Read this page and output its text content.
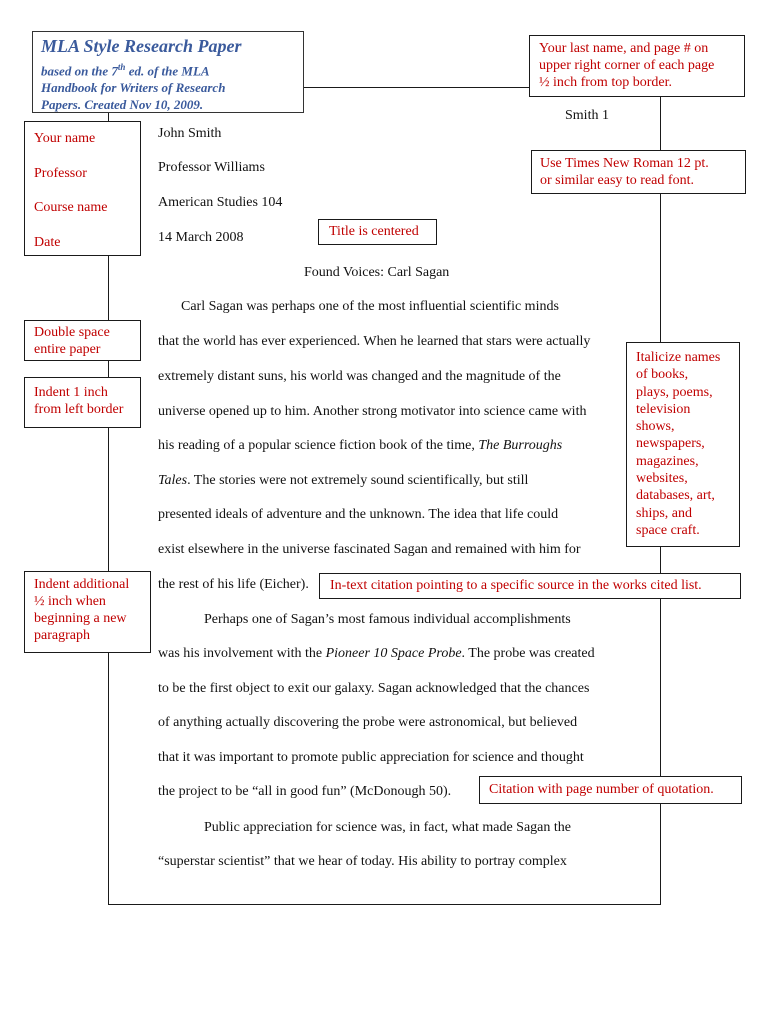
MLA Style Research Paper
based on the 7th ed. of the MLA
Handbook for Writers of Research
Papers. Created Nov 10, 2009.
Your last name, and page # on
upper right corner of each page
½ inch from top border.
Smith 1
Use Times New Roman 12 pt.
or similar easy to read font.
Your name
Professor
Course name
Date
John Smith
Professor Williams
American Studies 104
14 March 2008	Title is centered
Found Voices: Carl Sagan
Carl Sagan was perhaps one of the most influential scientific minds
that the world has ever experienced. When he learned that stars were actually
extremely distant suns, his world was changed and the magnitude of the
universe opened up to him. Another strong motivator into science came with
his reading of a popular science fiction book of the time, The Burroughs
Tales. The stories were not extremely sound scientifically, but still
presented ideals of adventure and the unknown. The idea that life could
exist elsewhere in the universe fascinated Sagan and remained with him for
the rest of his life (Eicher).
Double space
entire paper
Indent 1 inch
from left border
Italicize names
of books,
plays, poems,
television
shows,
newspapers,
magazines,
websites,
databases, art,
ships, and
space craft.
In-text citation pointing to a specific source in the works cited list.
Indent additional
½ inch when
beginning a new
paragraph
Perhaps one of Sagan’s most famous individual accomplishments
was his involvement with the Pioneer 10 Space Probe. The probe was created
to be the first object to exit our galaxy. Sagan acknowledged that the chances
of anything actually discovering the probe were astronomical, but believed
that it was important to promote public appreciation for science and thought
the project to be “all in good fun” (McDonough 50).	Citation with page number of quotation.
Public appreciation for science was, in fact, what made Sagan the
“superstar scientist” that we hear of today. His ability to portray complex
